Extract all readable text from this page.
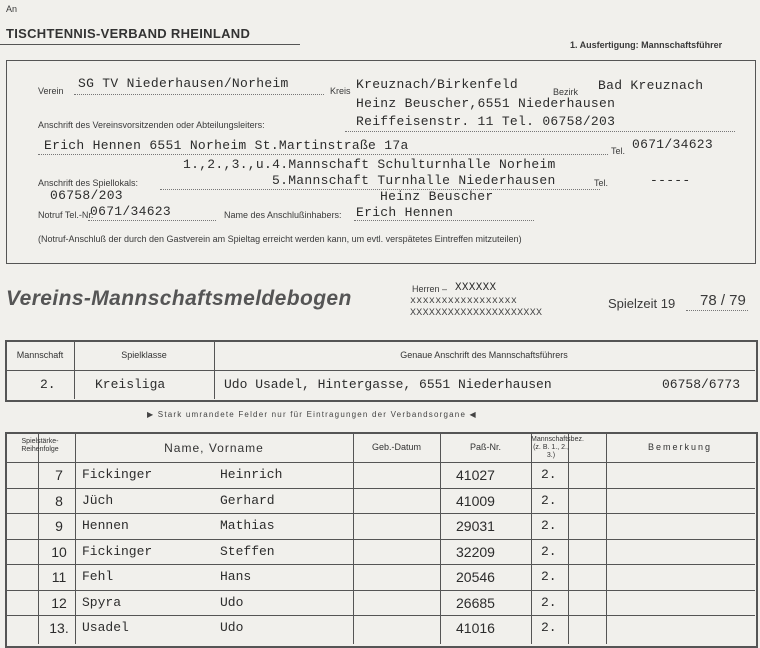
An
TISCHTENNIS-VERBAND RHEINLAND
1. Ausfertigung: Mannschaftsführer
Verein SG TV Niederhausen/Norheim	Kreis Kreuznach/Birkenfeld	Bezirk Bad Kreuznach
Heinz Beuscher,6551 Niederhausen
Anschrift des Vereinsvorsitzenden oder Abteilungsleiters:	Reiffeisenstr. 11 Tel. 06758/203
Erich Hennen 6551 Norheim St.Martinstraße 17a	Tel. 0671/34623
1.,2.,3.,u.4.Mannschaft Schulturnhalle Norheim
Anschrift des Spiellokals:	5.Mannschaft Turnhalle Niederhausen	Tel.	-----
06758/203	Heinz Beuscher
Notruf Tel.-Nr.
0671/34623	Name des Anschlußinhabers: Erich Hennen
(Notruf-Anschluß der durch den Gastverein am Spieltag erreicht werden kann, um evtl. verspätetes Eintreffen mitzuteilen)
Vereins-Mannschaftsmeldebogen	Herren – XXXXXX
xxxxxxxxxxxxxxxxx
XXXXXXXXXXXXXXXXXXXXX
Spielzeit 19 78 / 79
Mannschaft	Spielklasse	Genaue Anschrift des Mannschaftsführers
2.	Kreisliga	Udo Usadel, Hintergasse, 6551 Niederhausen	06758/6773
▶ Stark umrandete Felder nur für Eintragungen der Verbandsorgane ◀
Spielstärke-Reihenfolge	Name, Vorname	Geb.-Datum	Paß-Nr.
Mannschaftsbez. (z. B. 1., 2., 3.)
Bemerkung
7	Fickinger	Heinrich	41027	2.
8	Jüch	Gerhard	41009	2.
9	Hennen	Mathias	29031	2.
10	Fickinger	Steffen	32209	2.
11	Fehl	Hans	20546	2.
12	Spyra	Udo	26685	2.
13.	Usadel	Udo	41016	2.
